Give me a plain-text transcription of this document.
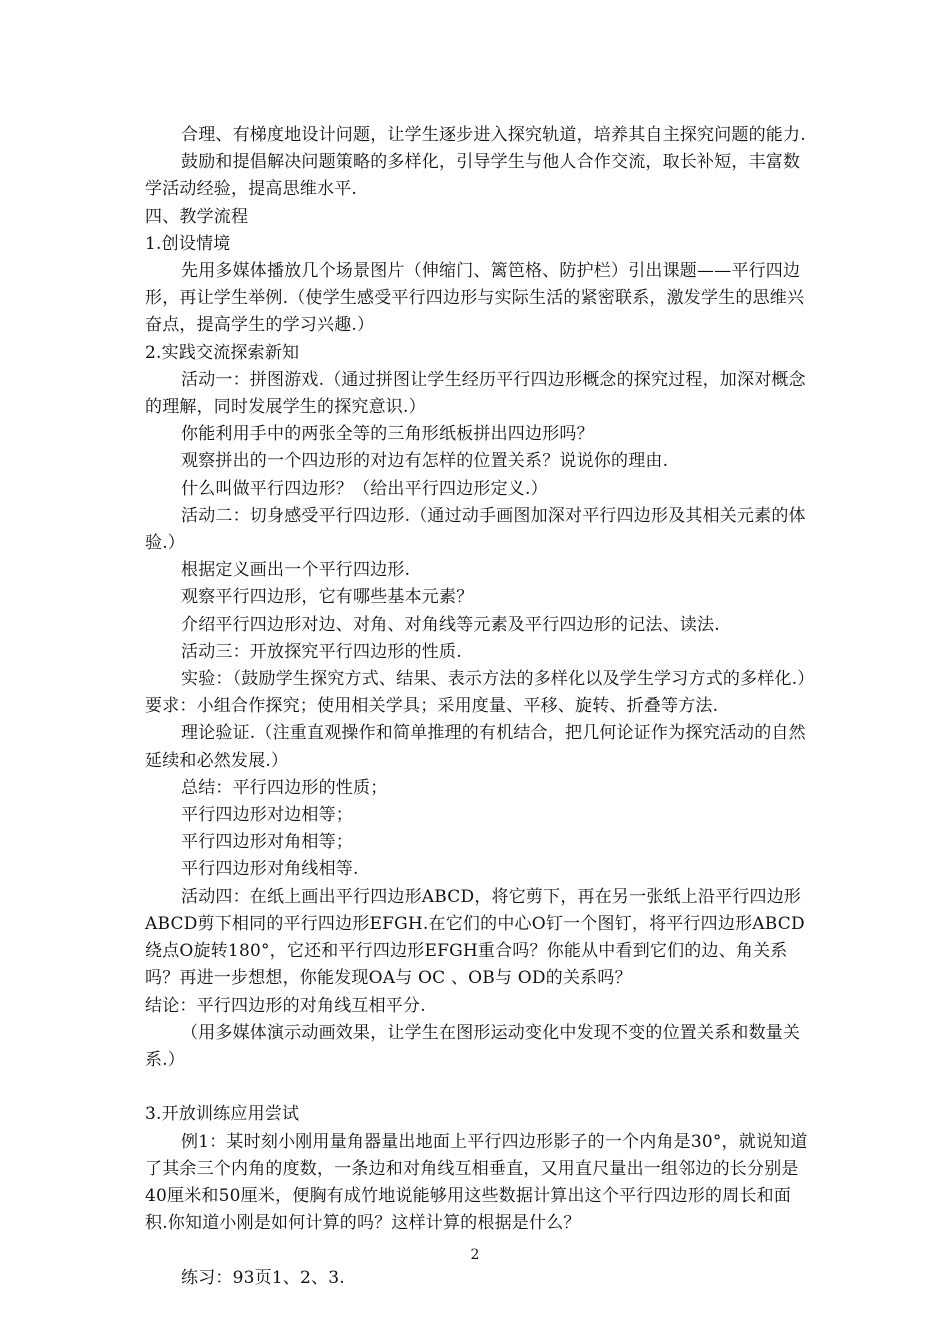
合理、有梯度地设计问题，让学生逐步进入探究轨道，培养其自主探究问题的能力.

鼓励和提倡解决问题策略的多样化，引导学生与他人合作交流，取长补短，丰富数学活动经验，提高思维水平.

四、教学流程

1.创设情境

先用多媒体播放几个场景图片（伸缩门、篱笆格、防护栏）引出课题——平行四边形，再让学生举例.（使学生感受平行四边形与实际生活的紧密联系，激发学生的思维兴奋点，提高学生的学习兴趣.）

2.实践交流探索新知

活动一：拼图游戏.（通过拼图让学生经历平行四边形概念的探究过程，加深对概念的理解，同时发展学生的探究意识.）

你能利用手中的两张全等的三角形纸板拼出四边形吗？

观察拼出的一个四边形的对边有怎样的位置关系？说说你的理由.

什么叫做平行四边形？（给出平行四边形定义.）

活动二：切身感受平行四边形.（通过动手画图加深对平行四边形及其相关元素的体验.）

根据定义画出一个平行四边形.

观察平行四边形，它有哪些基本元素？

介绍平行四边形对边、对角、对角线等元素及平行四边形的记法、读法.

活动三：开放探究平行四边形的性质.

实验：（鼓励学生探究方式、结果、表示方法的多样化以及学生学习方式的多样化.）要求：小组合作探究；使用相关学具；采用度量、平移、旋转、折叠等方法.

理论验证.（注重直观操作和简单推理的有机结合，把几何论证作为探究活动的自然延续和必然发展.）

总结：平行四边形的性质；

平行四边形对边相等；

平行四边形对角相等；

平行四边形对角线相等.

活动四：在纸上画出平行四边形ABCD，将它剪下，再在另一张纸上沿平行四边形ABCD剪下相同的平行四边形EFGH.在它们的中心O钉一个图钉，将平行四边形ABCD绕点O旋转180°，它还和平行四边形EFGH重合吗？你能从中看到它们的边、角关系吗？再进一步想想，你能发现OA与 OC 、OB与 OD的关系吗？

结论：平行四边形的对角线互相平分.

（用多媒体演示动画效果，让学生在图形运动变化中发现不变的位置关系和数量关系.）

3.开放训练应用尝试

例1：某时刻小刚用量角器量出地面上平行四边形影子的一个内角是30°，就说知道了其余三个内角的度数，一条边和对角线互相垂直，又用直尺量出一组邻边的长分别是40厘米和50厘米，便胸有成竹地说能够用这些数据计算出这个平行四边形的周长和面积.你知道小刚是如何计算的吗？这样计算的根据是什么？

练习：93页1、2、3.

2
